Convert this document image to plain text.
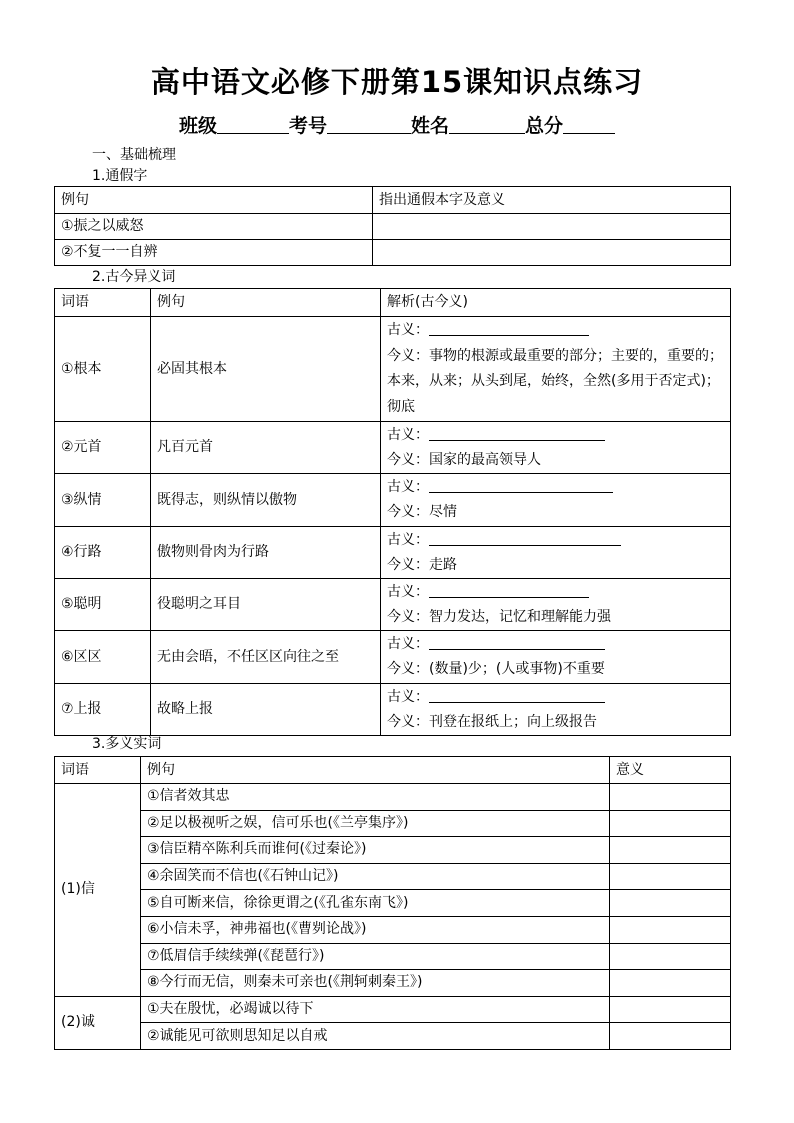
高中语文必修下册第15课知识点练习
班级	考号	姓名	总分
一、基础梳理
1.通假字
例句	指出通假本字及意义
①振之以威怒	
②不复一一自辨	
2.古今异义词
词语	例句	解析(古今义)
①根本	必固其根本	古义：
今义：事物的根源或最重要的部分；主要的，重要的；本来，从来；从头到尾，始终，全然(多用于否定式)；彻底
②元首	凡百元首	古义：
今义：国家的最高领导人

③纵情	既得志，则纵情以傲物	古义：
今义：尽情

④行路	傲物则骨肉为行路	古义：
今义：走路

⑤聪明	役聪明之耳目	古义：
今义：智力发达，记忆和理解能力强

⑥区区	无由会晤，不任区区向往之至	古义：
今义：(数量)少；(人或事物)不重要

⑦上报	故略上报	古义：
今义：刊登在报纸上；向上级报告
3.多义实词
词语	例句	意义
(1)信	①信者效其忠	
	②足以极视听之娱，信可乐也(《兰亭集序》)	
	③信臣精卒陈利兵而谁何(《过秦论》)	
	④余固笑而不信也(《石钟山记》)	
	⑤自可断来信，徐徐更谓之(《孔雀东南飞》)	
	⑥小信未孚，神弗福也(《曹刿论战》)	
	⑦低眉信手续续弹(《琵琶行》)	
	⑧今行而无信，则秦未可亲也(《荆轲刺秦王》)	
(2)诚	①夫在殷忧，必竭诚以待下	
	②诚能见可欲则思知足以自戒	
